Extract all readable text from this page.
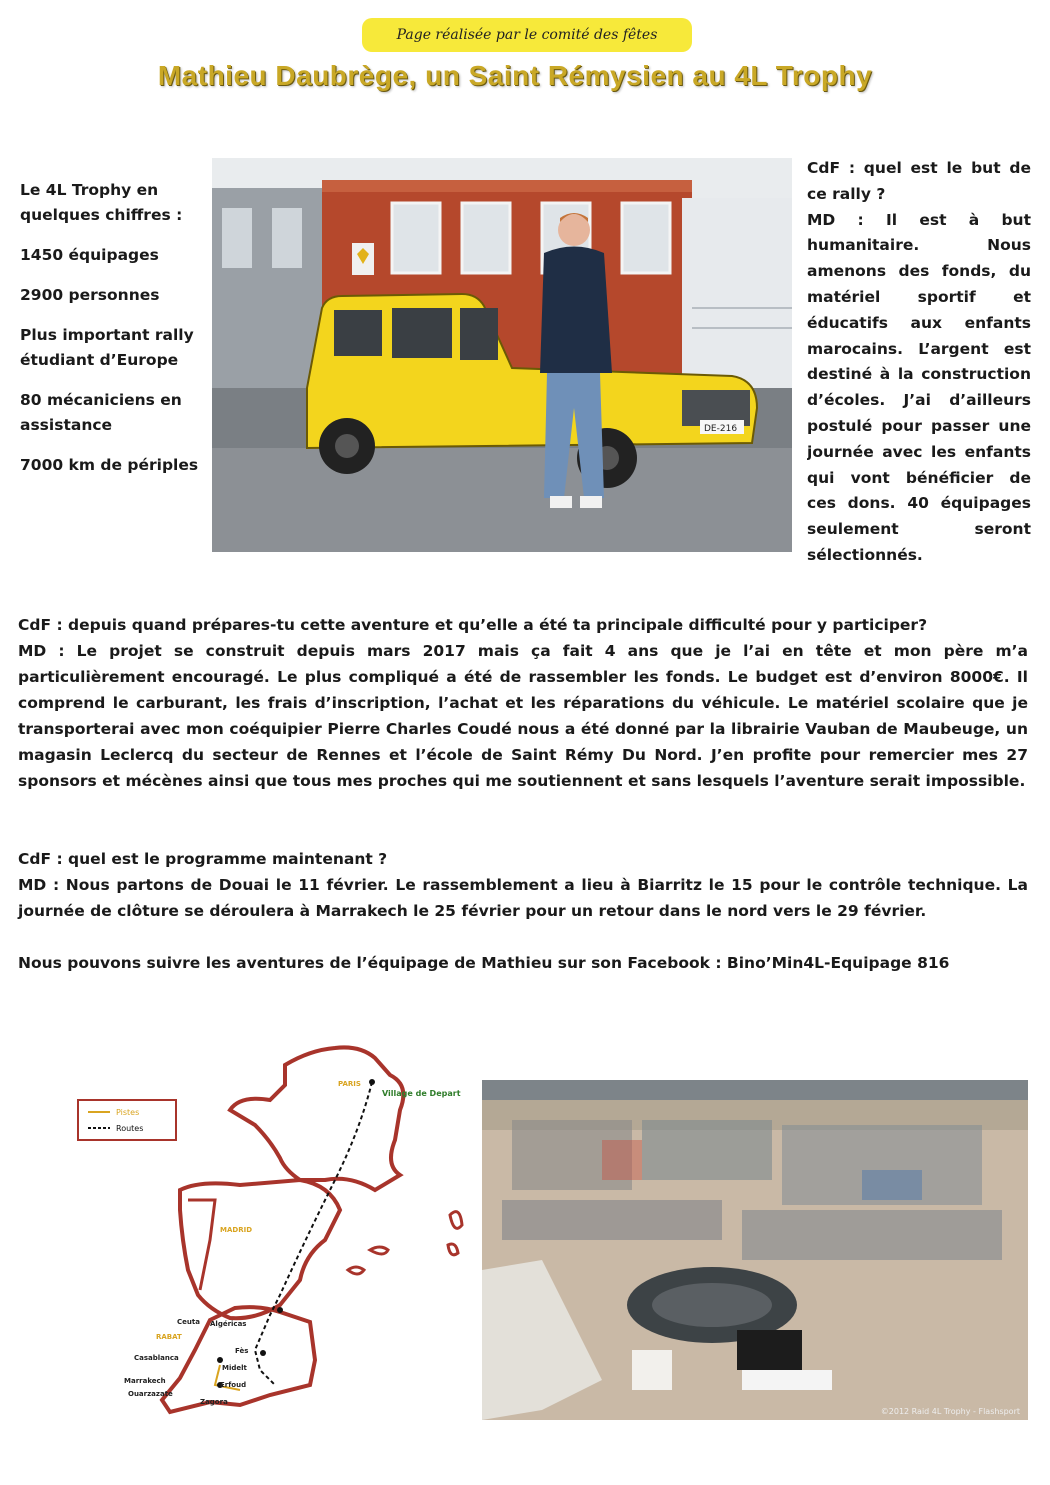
Page réalisée par le comité des fêtes
Mathieu Daubrège, un Saint Rémysien au 4L Trophy

Le 4L Trophy en quelques chiffres :

1450 équipages

2900 personnes

Plus important rally étudiant d’Europe

80 mécaniciens en assistance

7000 km de périples

DE-216

CdF : quel est le but de ce rally ?

MD : Il est à but humanitaire. Nous amenons des fonds, du matériel sportif et éducatifs aux enfants marocains. L’argent est destiné à la construction d’écoles. J’ai d’ailleurs postulé pour passer une journée avec les enfants qui vont bénéficier de ces dons. 40 équipages seulement seront sélectionnés.

CdF : depuis quand prépares-tu cette aventure et qu’elle a été ta principale difficulté pour y participer?

MD : Le projet se construit depuis mars 2017 mais ça fait 4 ans que je l’ai en tête et mon père m’a particulièrement encouragé. Le plus compliqué a été de rassembler les fonds. Le budget est d’environ 8000€. Il comprend le carburant, les frais d’inscription, l’achat et les réparations du véhicule. Le matériel scolaire que je transporterai avec mon coéquipier Pierre Charles Coudé nous a été donné par la librairie Vauban de Maubeuge, un magasin Leclercq du secteur de Rennes et l’école de Saint Rémy Du Nord. J’en profite pour remercier mes 27 sponsors et mécènes ainsi que tous mes proches qui me soutiennent et sans lesquels l’aventure serait impossible.

CdF : quel est le programme maintenant ?

MD : Nous partons de Douai le 11 février. Le rassemblement a lieu à Biarritz le 15 pour le contrôle technique. La journée de clôture se déroulera à Marrakech le 25 février pour un retour dans le nord vers le 29 février.

Nous pouvons suivre les aventures de l’équipage de Mathieu sur son Facebook : Bino’Min4L-Equipage 816

Pistes
Routes
PARIS
Village de Depart
MADRID
Ceuta Algéricas
RABAT
Fès
Casablanca
Midelt
Marrakech	Erfoud
Ouarzazate
Zagora
©2012 Raid 4L Trophy - Flashsport
